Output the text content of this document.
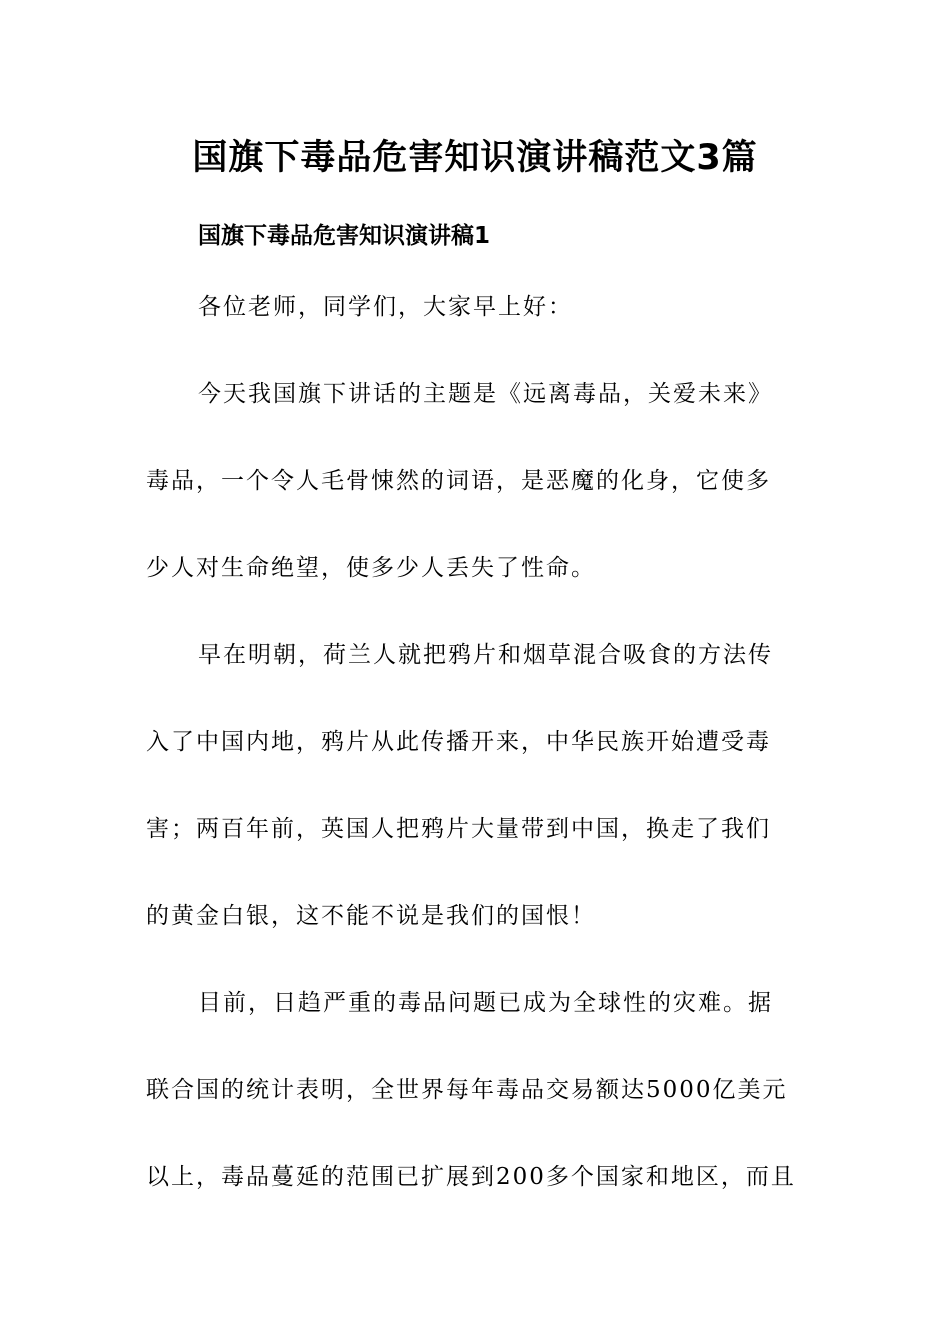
国旗下毒品危害知识演讲稿范文3篇
国旗下毒品危害知识演讲稿1
各位老师，同学们，大家早上好：
今天我国旗下讲话的主题是《远离毒品，关爱未来》
毒品，一个令人毛骨悚然的词语，是恶魔的化身，它使多
少人对生命绝望，使多少人丢失了性命。
早在明朝，荷兰人就把鸦片和烟草混合吸食的方法传
入了中国内地，鸦片从此传播开来，中华民族开始遭受毒
害；两百年前，英国人把鸦片大量带到中国，换走了我们
的黄金白银，这不能不说是我们的国恨！
目前，日趋严重的毒品问题已成为全球性的灾难。据
联合国的统计表明，全世界每年毒品交易额达5000亿美元
以上，毒品蔓延的范围已扩展到200多个国家和地区，而且
